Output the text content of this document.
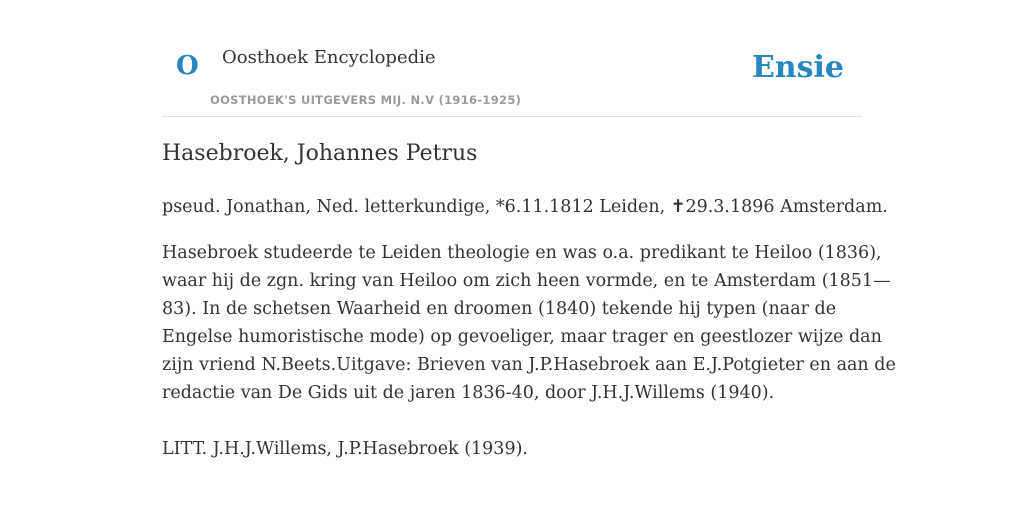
O Oosthoek Encyclopedie
OOSTHOEK'S UITGEVERS MIJ. N.V (1916-1925)
Ensie
Hasebroek, Johannes Petrus

pseud. Jonathan, Ned. letterkundige, *6.11.1812 Leiden, ✝29.3.1896 Amsterdam.

Hasebroek studeerde te Leiden theologie en was o.a. predikant te Heiloo (1836),
waar hij de zgn. kring van Heiloo om zich heen vormde, en te Amsterdam (1851—
83). In de schetsen Waarheid en droomen (1840) tekende hij typen (naar de
Engelse humoristische mode) op gevoeliger, maar trager en geestlozer wijze dan
zijn vriend N.Beets.Uitgave: Brieven van J.P.Hasebroek aan E.J.Potgieter en aan de
redactie van De Gids uit de jaren 1836-40, door J.H.J.Willems (1940).

LITT. J.H.J.Willems, J.P.Hasebroek (1939).
